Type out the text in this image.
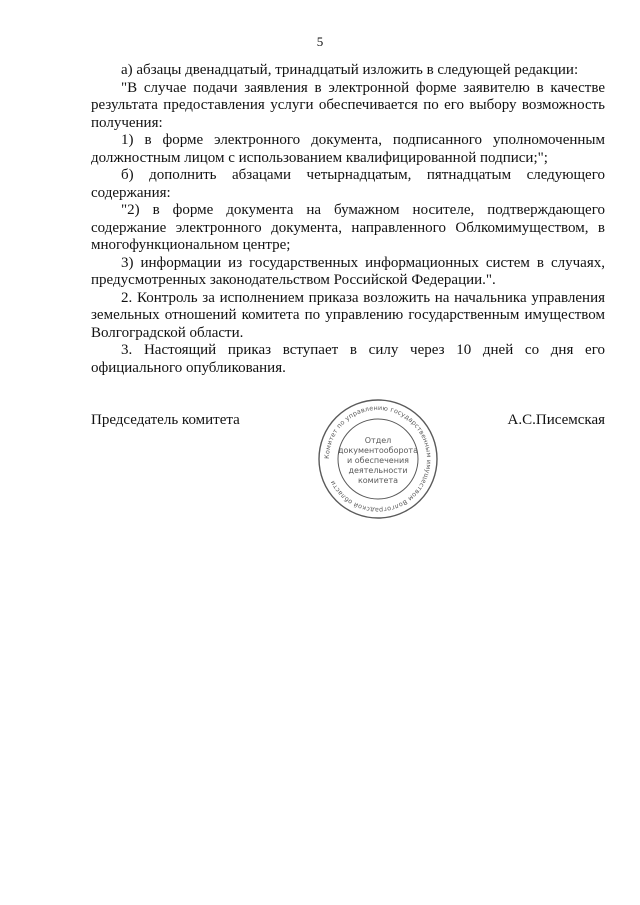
5

а) абзацы двенадцатый, тринадцатый изложить в следующей редакции:

"В случае подачи заявления в электронной форме заявителю в качестве результата предоставления услуги обеспечивается по его выбору возможность получения:

1) в форме электронного документа, подписанного уполномоченным должностным лицом с использованием квалифицированной подписи;";

б) дополнить абзацами четырнадцатым, пятнадцатым следующего содержания:

"2) в форме документа на бумажном носителе, подтверждающего содержание электронного документа, направленного Облкомимуществом, в многофункциональном центре;

3) информации из государственных информационных систем в случаях, предусмотренных законодательством Российской Федерации.".

2. Контроль за исполнением приказа возложить на начальника управления земельных отношений комитета по управлению государственным имуществом Волгоградской области.

3. Настоящий приказ вступает в силу через 10 дней со дня его официального опубликования.

Председатель комитета	А.С.Писемская
Комитет по управлению государственным имуществом Волгоградской области
Отдел
документооборота
и обеспечения
деятельности
комитета
